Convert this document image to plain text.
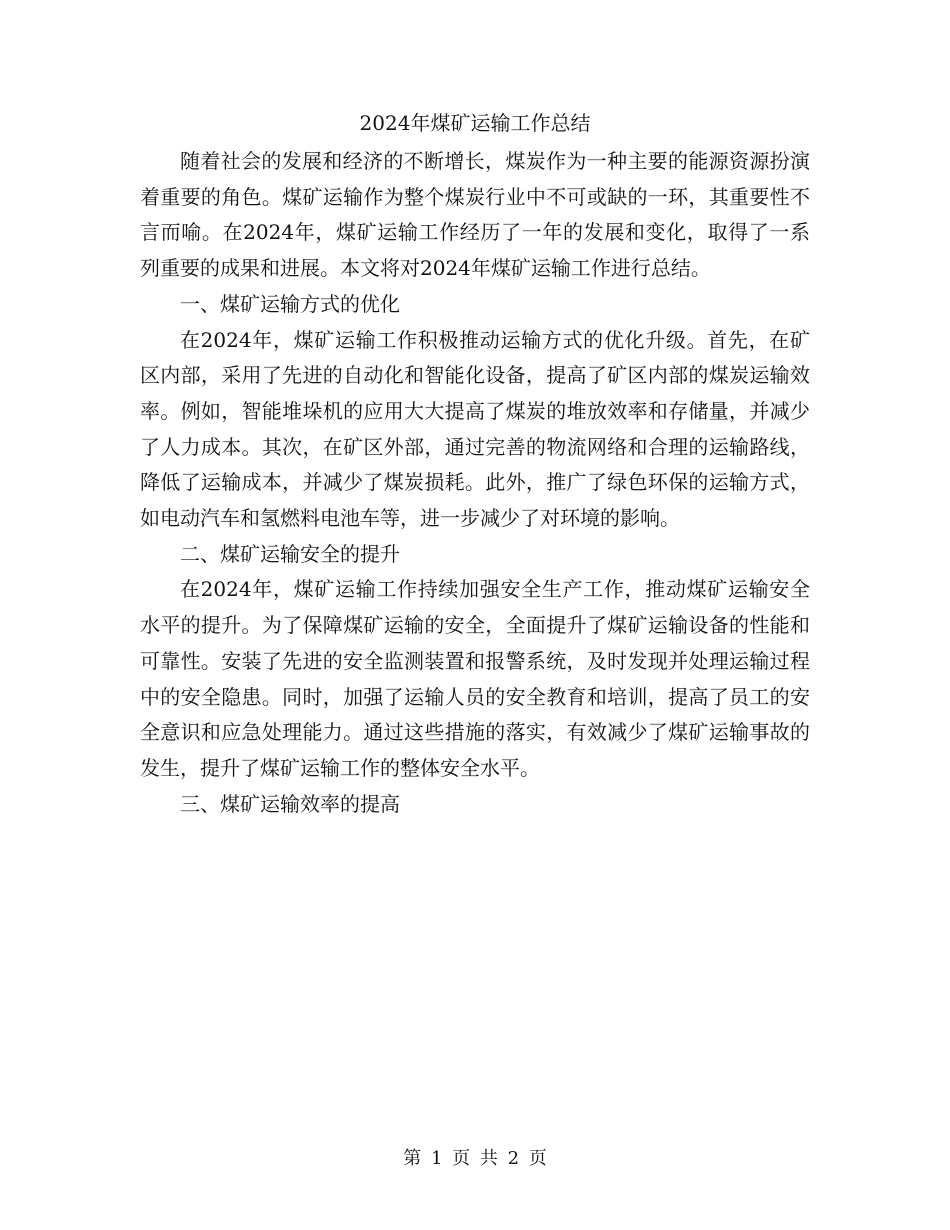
2024年煤矿运输工作总结

随着社会的发展和经济的不断增长，煤炭作为一种主要的能源资源扮演着重要的角色。煤矿运输作为整个煤炭行业中不可或缺的一环，其重要性不言而喻。在2024年，煤矿运输工作经历了一年的发展和变化，取得了一系列重要的成果和进展。本文将对2024年煤矿运输工作进行总结。

一、煤矿运输方式的优化

在2024年，煤矿运输工作积极推动运输方式的优化升级。首先，在矿区内部，采用了先进的自动化和智能化设备，提高了矿区内部的煤炭运输效率。例如，智能堆垛机的应用大大提高了煤炭的堆放效率和存储量，并减少了人力成本。其次，在矿区外部，通过完善的物流网络和合理的运输路线，降低了运输成本，并减少了煤炭损耗。此外，推广了绿色环保的运输方式，如电动汽车和氢燃料电池车等，进一步减少了对环境的影响。

二、煤矿运输安全的提升

在2024年，煤矿运输工作持续加强安全生产工作，推动煤矿运输安全水平的提升。为了保障煤矿运输的安全，全面提升了煤矿运输设备的性能和可靠性。安装了先进的安全监测装置和报警系统，及时发现并处理运输过程中的安全隐患。同时，加强了运输人员的安全教育和培训，提高了员工的安全意识和应急处理能力。通过这些措施的落实，有效减少了煤矿运输事故的发生，提升了煤矿运输工作的整体安全水平。

三、煤矿运输效率的提高

第 1 页 共 2 页
